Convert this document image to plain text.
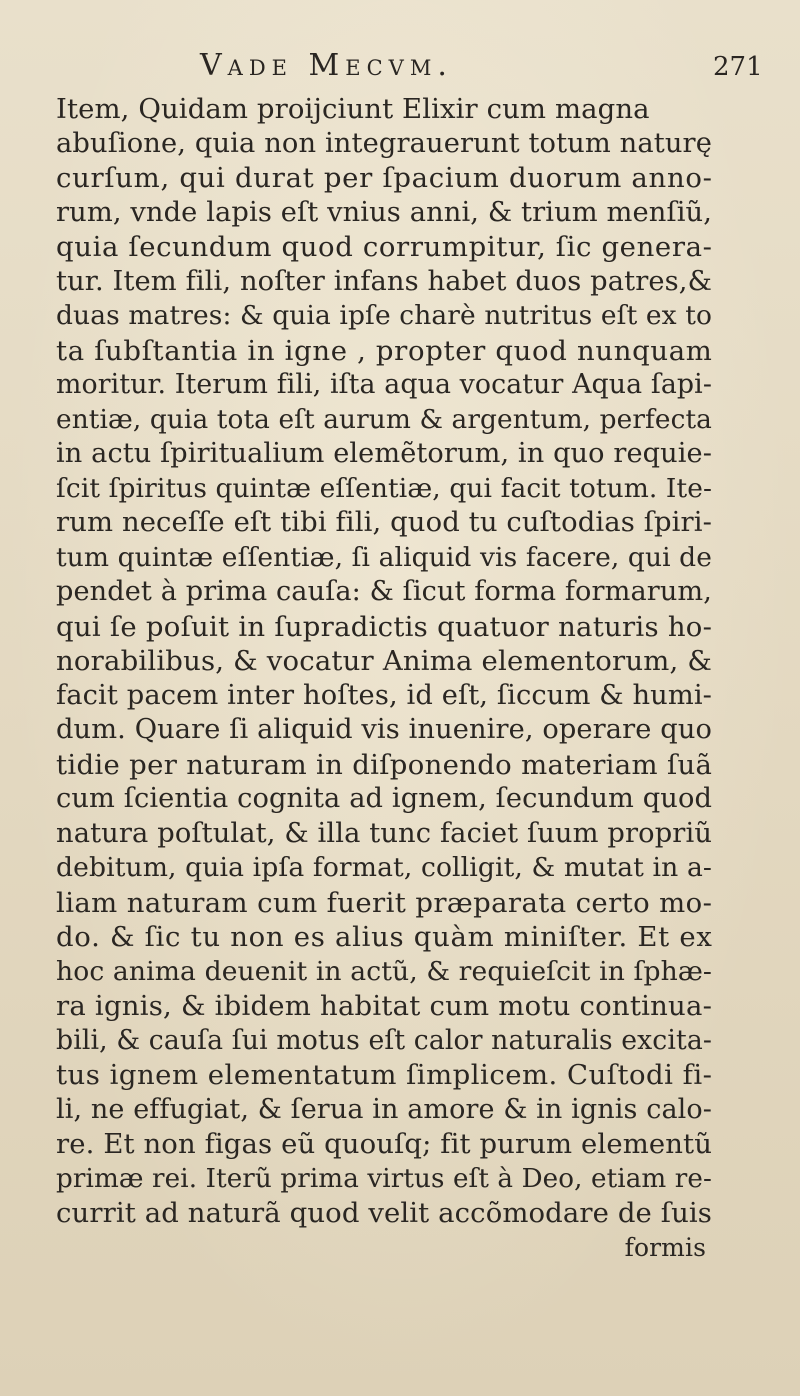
Vade Mecvm.	271
Item, Quidam proijciunt Elixir cum magna
abuſione, quia non integrauerunt totum naturę
curſum, qui durat per ſpacium duorum anno-
rum, vnde lapis eſt vnius anni, & trium menſiũ,
quia ſecundum quod corrumpitur, ſic genera-
tur. Item fili, noſter infans habet duos patres,&
duas matres: & quia ipſe charè nutritus eſt ex to
ta ſubſtantia in igne , propter quod nunquam
moritur. Iterum fili, iſta aqua vocatur Aqua ſapi-
entiæ, quia tota eſt aurum & argentum, perfecta
in actu ſpiritualium elemẽtorum, in quo requie-
ſcit ſpiritus quintæ eſſentiæ, qui facit totum. Ite-
rum neceſſe eſt tibi fili, quod tu cuſtodias ſpiri-
tum quintæ eſſentiæ, ſi aliquid vis facere, qui de
pendet à prima cauſa: & ſicut forma formarum,
qui ſe poſuit in ſupradictis quatuor naturis ho-
norabilibus, & vocatur Anima elementorum, &
facit pacem inter hoſtes, id eſt, ſiccum & humi-
dum. Quare ſi aliquid vis inuenire, operare quo
tidie per naturam in diſponendo materiam ſuã
cum ſcientia cognita ad ignem, ſecundum quod
natura poſtulat, & illa tunc faciet ſuum propriũ
debitum, quia ipſa format, colligit, & mutat in a-
liam naturam cum fuerit præparata certo mo-
do. & ſic tu non es alius quàm miniſter. Et ex
hoc anima deuenit in actũ, & requieſcit in ſphæ-
ra ignis, & ibidem habitat cum motu continua-
bili, & cauſa ſui motus eſt calor naturalis excita-
tus ignem elementatum ſimplicem. Cuſtodi fi-
li, ne effugiat, & ſerua in amore & in ignis calo-
re. Et non figas eũ quouſq; fit purum elementũ
primæ rei. Iterũ prima virtus eſt à Deo, etiam re-
currit ad naturã quod velit accõmodare de ſuis
formis
